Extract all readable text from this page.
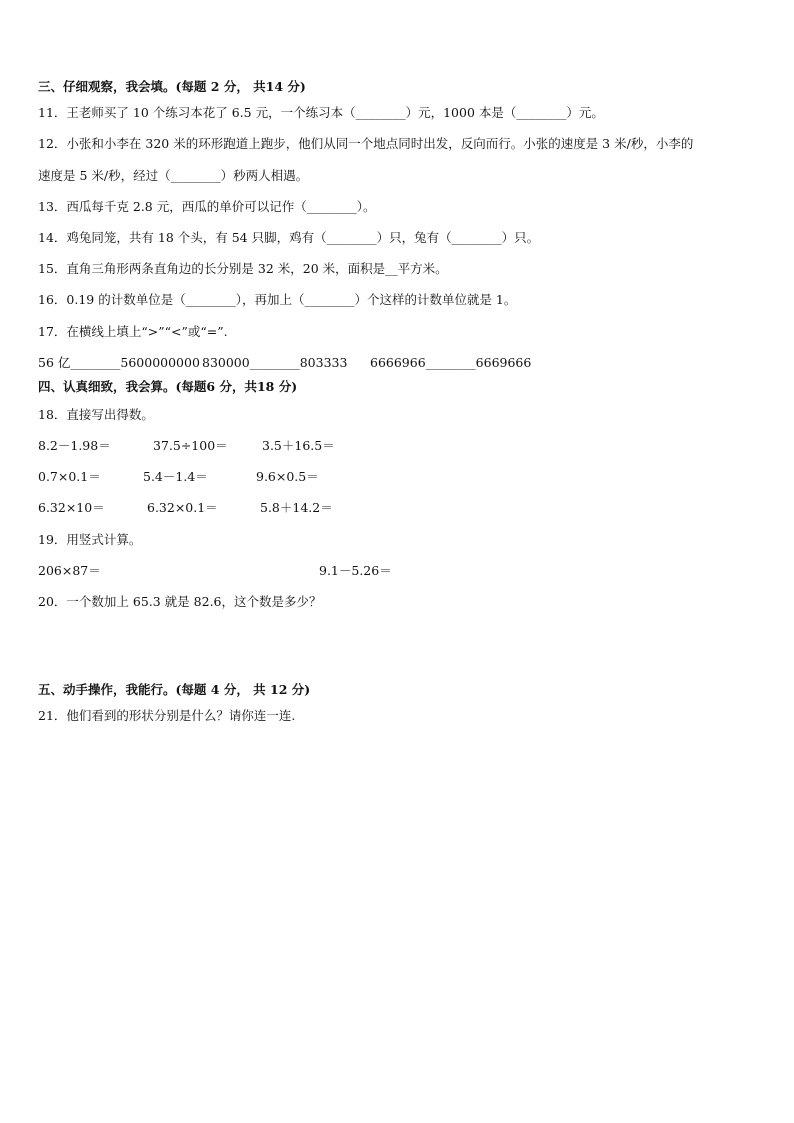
三、仔细观察，我会填。(每题 2 分， 共14 分)
11．王老师买了 10 个练习本花了 6.5 元，一个练习本（________）元，1000 本是（________）元。
12．小张和小李在 320 米的环形跑道上跑步，他们从同一个地点同时出发，反向而行。小张的速度是 3 米/秒，小李的
速度是 5 米/秒，经过（________）秒两人相遇。
13．西瓜每千克 2.8 元，西瓜的单价可以记作（________）。
14．鸡兔同笼，共有 18 个头，有 54 只脚，鸡有（________）只，兔有（________）只。
15．直角三角形两条直角边的长分别是 32 米，20 米，面积是__平方米。
16．0.19 的计数单位是（________），再加上（________）个这样的计数单位就是 1。
17．在横线上填上“>”“<”或“=”.
56 亿________5600000000 830000________803333 6666966________6669666
四、认真细致，我会算。(每题6 分，共18 分)
18．直接写出得数。
8.2－1.98＝	37.5÷100＝	3.5＋16.5＝
0.7×0.1＝	5.4－1.4＝	9.6×0.5＝
6.32×10＝	6.32×0.1＝	5.8＋14.2＝
19．用竖式计算。
206×87＝	9.1－5.26＝
20．一个数加上 65.3 就是 82.6，这个数是多少？
五、动手操作，我能行。(每题 4 分， 共 12 分)
21．他们看到的形状分别是什么？请你连一连.
